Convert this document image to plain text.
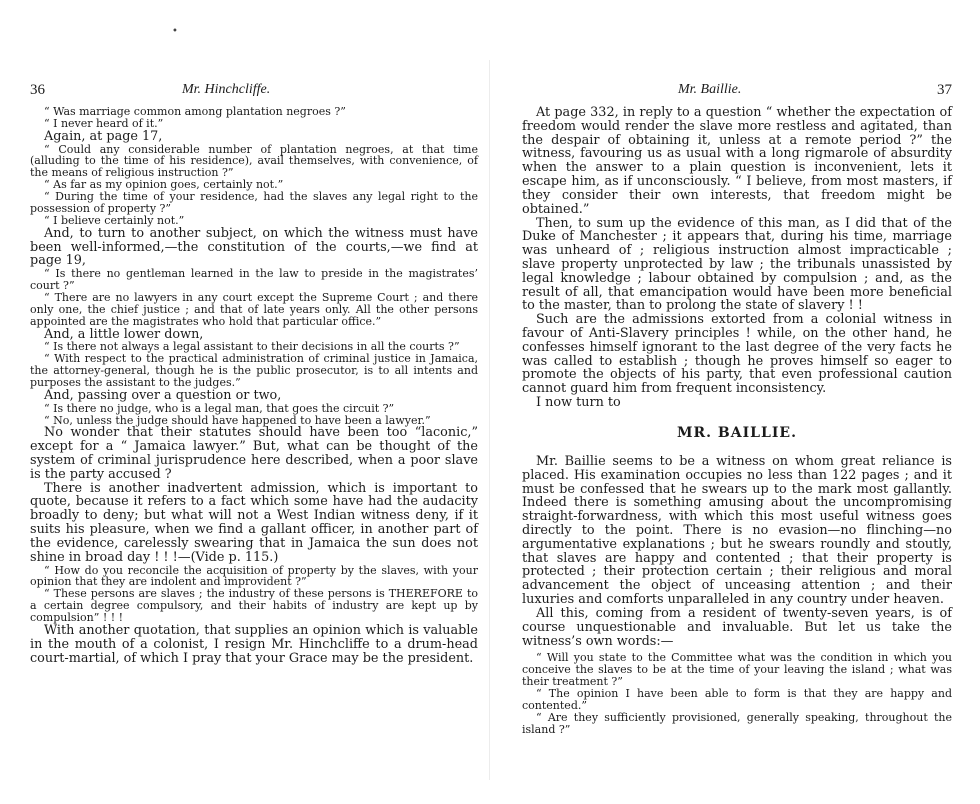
•
36	Mr. Hinchcliffe.

“ Was marriage common among plantation negroes ?”

“ I never heard of it.”

Again, at page 17,

“ Could any considerable number of plantation negroes, at that time (alluding to the time of his residence), avail themselves, with convenience, of the means of religious instruction ?”

“ As far as my opinion goes, certainly not.”

“ During the time of your residence, had the slaves any legal right to the possession of property ?”

“ I believe certainly not.”

And, to turn to another subject, on which the witness must have been well-informed,—the constitution of the courts,—we find at page 19,

“ Is there no gentleman learned in the law to preside in the magistrates’ court ?”

“ There are no lawyers in any court except the Supreme Court ; and there only one, the chief justice ; and that of late years only. All the other persons appointed are the magistrates who hold that particular office.”

And, a little lower down,

“ Is there not always a legal assistant to their decisions in all the courts ?”

“ With respect to the practical administration of criminal justice in Jamaica, the attorney-general, though he is the public prosecutor, is to all intents and purposes the assistant to the judges.”

And, passing over a question or two,

“ Is there no judge, who is a legal man, that goes the circuit ?”

“ No, unless the judge should have happened to have been a lawyer.”

No wonder that their statutes should have been too “laconic,” except for a “ Jamaica lawyer.” But, what can be thought of the system of criminal jurisprudence here described, when a poor slave is the party accused ?

There is another inadvertent admission, which is important to quote, because it refers to a fact which some have had the audacity broadly to deny; but what will not a West Indian witness deny, if it suits his pleasure, when we find a gallant officer, in another part of the evidence, carelessly swearing that in Jamaica the sun does not shine in broad day ! ! !—(Vide p. 115.)

“ How do you reconcile the acquisition of property by the slaves, with your opinion that they are indolent and improvident ?”

“ These persons are slaves ; the industry of these persons is THEREFORE to a certain degree compulsory, and their habits of industry are kept up by compulsion” ! ! !

With another quotation, that supplies an opinion which is valuable in the mouth of a colonist, I resign Mr. Hinchcliffe to a drum-head court-martial, of which I pray that your Grace may be the president.

Mr. Baillie.	37

At page 332, in reply to a question “ whether the expectation of freedom would render the slave more restless and agitated, than the despair of obtaining it, unless at a remote period ?” the witness, favouring us as usual with a long rigmarole of absurdity when the answer to a plain question is inconvenient, lets it escape him, as if unconsciously. “ I believe, from most masters, if they consider their own interests, that freedom might be obtained.”

Then, to sum up the evidence of this man, as I did that of the Duke of Manchester ; it appears that, during his time, marriage was unheard of ; religious instruction almost impracticable ; slave property unprotected by law ; the tribunals unassisted by legal knowledge ; labour obtained by compulsion ; and, as the result of all, that emancipation would have been more beneficial to the master, than to prolong the state of slavery ! !

Such are the admissions extorted from a colonial witness in favour of Anti-Slavery principles ! while, on the other hand, he confesses himself ignorant to the last degree of the very facts he was called to establish ; though he proves himself so eager to promote the objects of his party, that even professional caution cannot guard him from frequent inconsistency.

I now turn to

MR. BAILLIE.

Mr. Baillie seems to be a witness on whom great reliance is placed. His examination occupies no less than 122 pages ; and it must be confessed that he swears up to the mark most gallantly. Indeed there is something amusing about the uncompromising straight-forwardness, with which this most useful witness goes directly to the point. There is no evasion—no flinching—no argumentative explanations ; but he swears roundly and stoutly, that slaves are happy and contented ; that their property is protected ; their protection certain ; their religious and moral advancement the object of unceasing attention ; and their luxuries and comforts unparalleled in any country under heaven.

All this, coming from a resident of twenty-seven years, is of course unquestionable and invaluable. But let us take the witness’s own words:—

“ Will you state to the Committee what was the condition in which you conceive the slaves to be at the time of your leaving the island ; what was their treatment ?”

“ The opinion I have been able to form is that they are happy and contented.”

“ Are they sufficiently provisioned, generally speaking, throughout the island ?”
